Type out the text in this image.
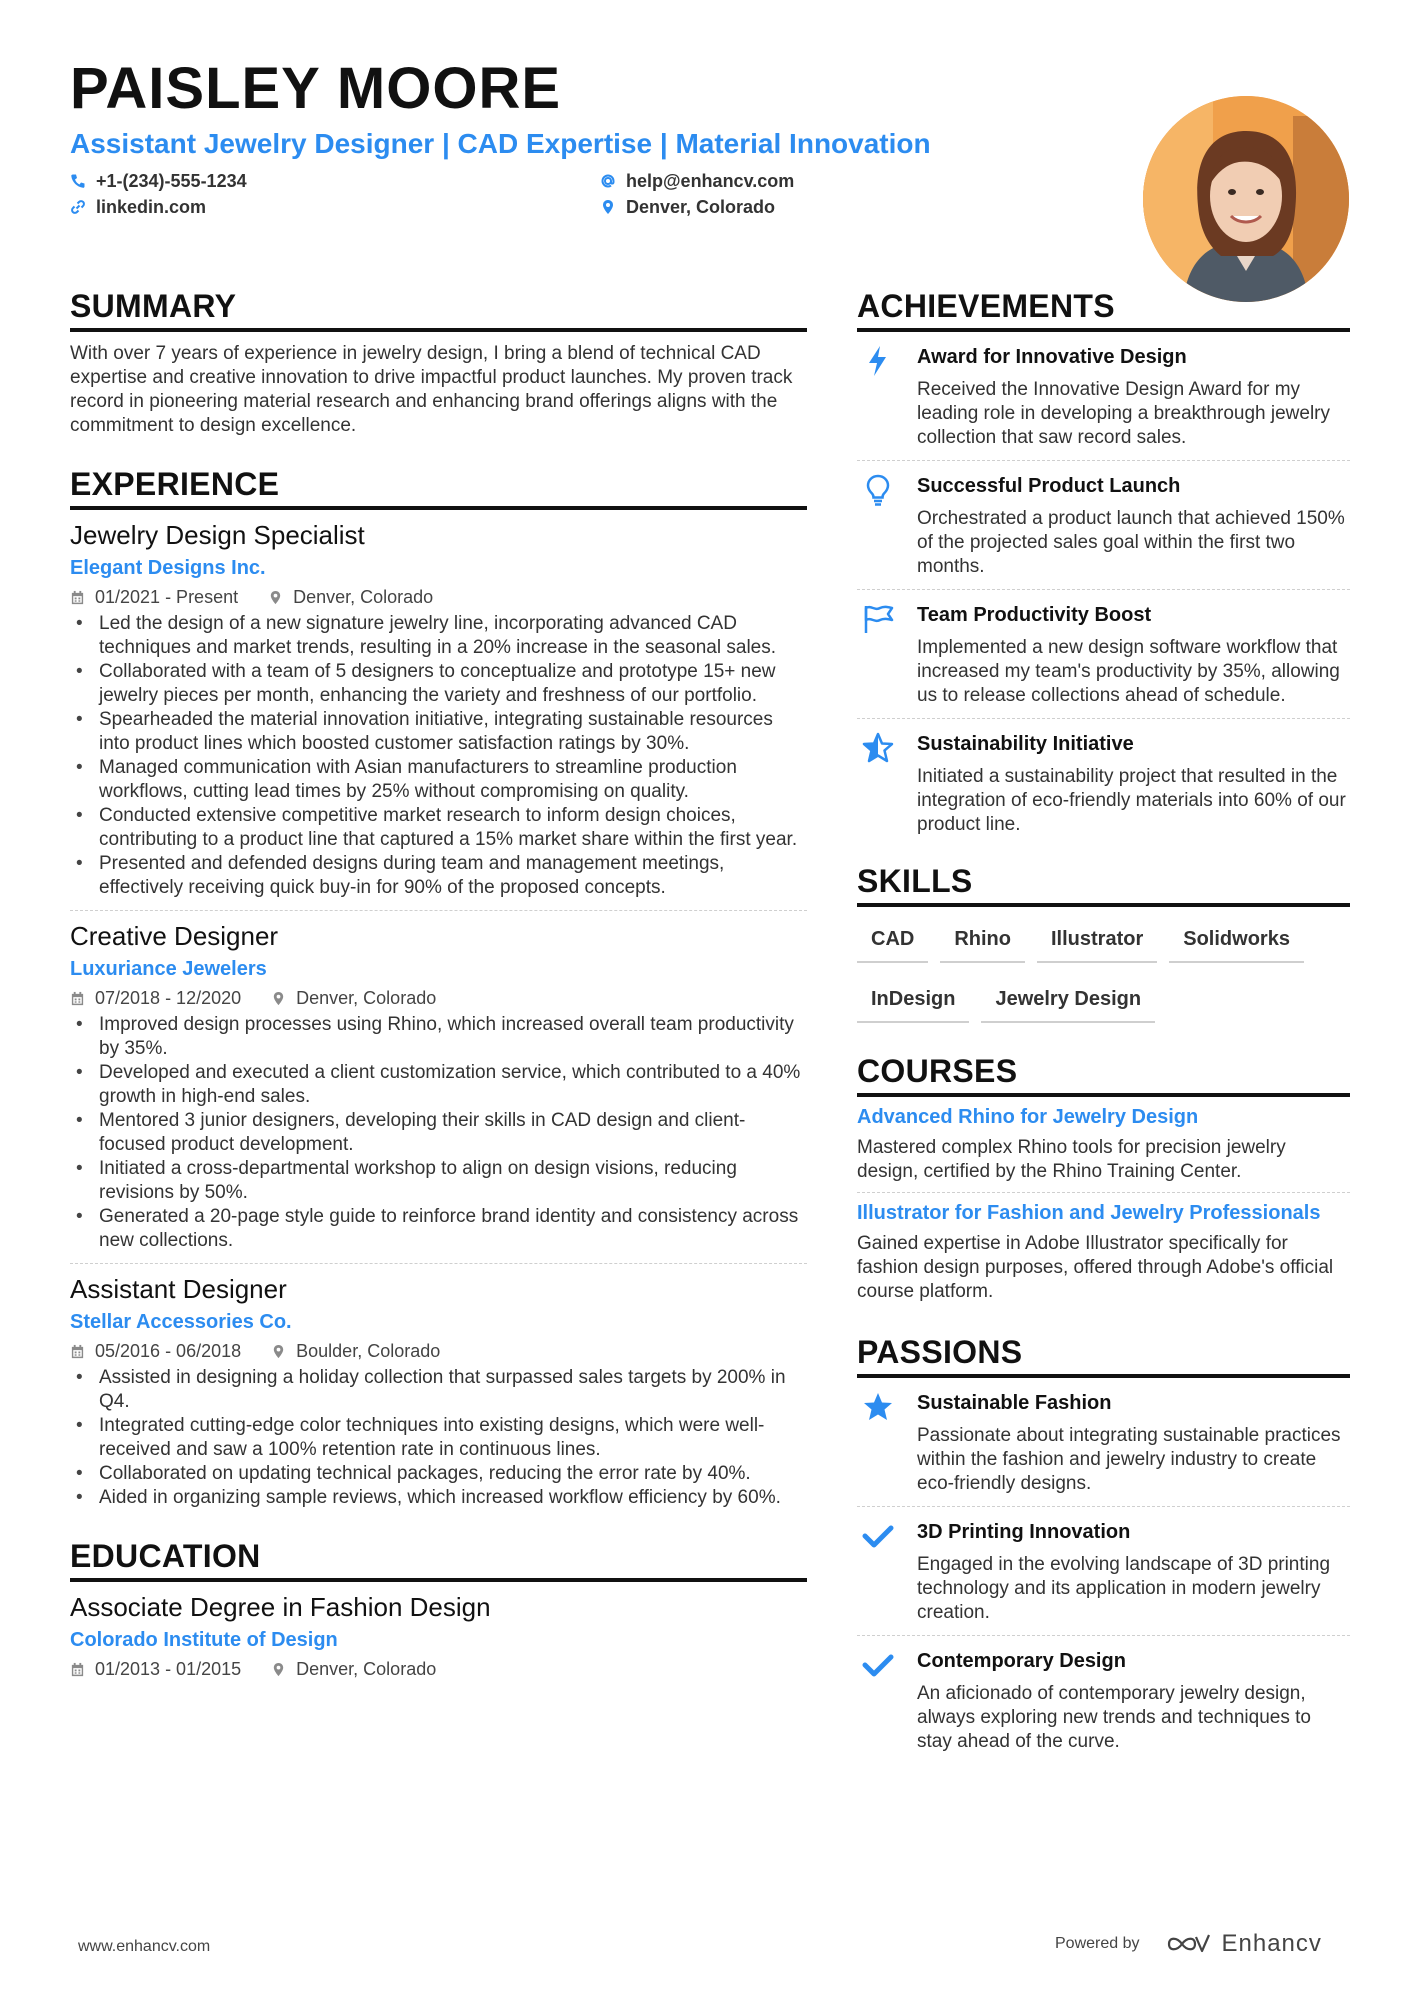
PAISLEY MOORE
Assistant Jewelry Designer | CAD Expertise | Material Innovation
+1-(234)-555-1234	help@enhancv.com
linkedin.com	Denver, Colorado
SUMMARY
With over 7 years of experience in jewelry design, I bring a blend of technical CAD expertise and creative innovation to drive impactful product launches. My proven track record in pioneering material research and enhancing brand offerings aligns with the commitment to design excellence.
EXPERIENCE
Jewelry Design Specialist
Elegant Designs Inc.
01/2021 - Present	Denver, Colorado
• Led the design of a new signature jewelry line, incorporating advanced CAD techniques and market trends, resulting in a 20% increase in the seasonal sales.
• Collaborated with a team of 5 designers to conceptualize and prototype 15+ new jewelry pieces per month, enhancing the variety and freshness of our portfolio.
• Spearheaded the material innovation initiative, integrating sustainable resources into product lines which boosted customer satisfaction ratings by 30%.
• Managed communication with Asian manufacturers to streamline production workflows, cutting lead times by 25% without compromising on quality.
• Conducted extensive competitive market research to inform design choices, contributing to a product line that captured a 15% market share within the first year.
• Presented and defended designs during team and management meetings, effectively receiving quick buy-in for 90% of the proposed concepts.
Creative Designer
Luxuriance Jewelers
07/2018 - 12/2020	Denver, Colorado
• Improved design processes using Rhino, which increased overall team productivity by 35%.
• Developed and executed a client customization service, which contributed to a 40% growth in high-end sales.
• Mentored 3 junior designers, developing their skills in CAD design and client-focused product development.
• Initiated a cross-departmental workshop to align on design visions, reducing revisions by 50%.
• Generated a 20-page style guide to reinforce brand identity and consistency across new collections.
Assistant Designer
Stellar Accessories Co.
05/2016 - 06/2018	Boulder, Colorado
• Assisted in designing a holiday collection that surpassed sales targets by 200% in Q4.
• Integrated cutting-edge color techniques into existing designs, which were well-received and saw a 100% retention rate in continuous lines.
• Collaborated on updating technical packages, reducing the error rate by 40%.
• Aided in organizing sample reviews, which increased workflow efficiency by 60%.
EDUCATION
Associate Degree in Fashion Design
Colorado Institute of Design
01/2013 - 01/2015	Denver, Colorado
ACHIEVEMENTS
Award for Innovative Design
Received the Innovative Design Award for my leading role in developing a breakthrough jewelry collection that saw record sales.
Successful Product Launch
Orchestrated a product launch that achieved 150% of the projected sales goal within the first two months.
Team Productivity Boost
Implemented a new design software workflow that increased my team's productivity by 35%, allowing us to release collections ahead of schedule.
Sustainability Initiative
Initiated a sustainability project that resulted in the integration of eco-friendly materials into 60% of our product line.
SKILLS
CAD	Rhino	Illustrator	Solidworks
InDesign	Jewelry Design
COURSES
Advanced Rhino for Jewelry Design
Mastered complex Rhino tools for precision jewelry design, certified by the Rhino Training Center.
Illustrator for Fashion and Jewelry Professionals
Gained expertise in Adobe Illustrator specifically for fashion design purposes, offered through Adobe's official course platform.
PASSIONS
Sustainable Fashion
Passionate about integrating sustainable practices within the fashion and jewelry industry to create eco-friendly designs.
3D Printing Innovation
Engaged in the evolving landscape of 3D printing technology and its application in modern jewelry creation.
Contemporary Design
An aficionado of contemporary jewelry design, always exploring new trends and techniques to stay ahead of the curve.
www.enhancv.com	Powered by	Enhancv
